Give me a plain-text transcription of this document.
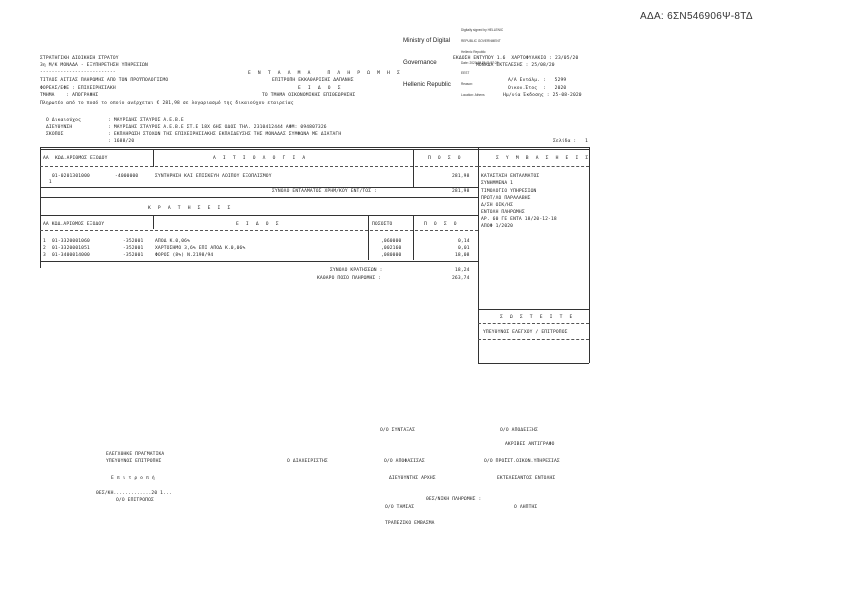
ΑΔΑ: 6ΣΝ546906Ψ-8ΤΔ

Ministry of Digital

Governance

Hellenic Republic

Digitally signed by HELLENIC

REPUBLIC GOVERNMENT

Hellenic Republic

Date: 2020.08.25 11:57:28

EEST

Reason:

Location: Athens

ΣΤΡΑΤΗΓΙΚΗ ΔΙΟΙΚΗΣΗ ΣΤΡΑΤΟΥ
3η Μ/Κ ΜΟΝΑΔΑ - ΕΞΥΠΗΡΕΤΗΣΗ ΥΠΗΡΕΣΙΩΝ
--------------------------
ΕΚΔΟΣΗ ΕΝΤΥΠΟΥ 1.6  ΧΑΡΤΟΦΥΛΑΚΙΟ : 23/05/20
ΜΟΝΑΔΑ ΕΚΤΕΛΕΣΗΣ : 25/08/20
Ε Ν Τ Α Λ Μ Α   Π Λ Η Ρ Ω Μ Η Σ
ΤΙΤΛΟΣ ΑΙΤΙΑΣ ΠΛΗΡΩΜΗΣ ΑΠΟ ΤΟΝ ΠΡΟΫΠΟΛΟΓΙΣΜΟ	ΕΠΙΤΡΟΠΗ ΕΚΚΑΘΑΡΙΣΗΣ ΔΑΠΑΝΗΣ
ΦΟΡΕΑΣ/ΕΦΕ : ΕΠΙΧΕΙΡΗΣΙΑΚΗ	Ε Ι Δ Ο Σ
ΤΜΗΜΑ    : ΑΠΟΓΡΑΦΗΣ	ΤΟ ΤΜΗΜΑ ΟΙΚΟΝΟΜΙΚΗΣ ΕΠΙΘΕΩΡΗΣΗΣ
Α/Α Εντάλμ. :   5299
Οικον.Έτος  :   2020
Ημ/νία Έκδοσης : 25-08-2020
Πληρωτέο από το ποσό το οποίο ανέρχεται € 281,98 σε λογαριασμό της δικαιούχου εταιρείας
Ο Δικαιούχος	: ΜΑΥΡΙΔΗΣ ΣΤΑΥΡΟΣ Α.Ε.Β.Ε
ΔΙΕΥΘΥΝΣΗ	: ΜΑΥΡΙΔΗΣ ΣΤΑΥΡΟΣ Α.Ε.Β.Ε ΣΤ.Ε 18Χ 6ΗΣ ΟΔΟΣ ΤΗΛ. 2310412444 ΑΦΜ: 094807326
ΣΚΟΠΟΣ	: ΕΚΠΛΗΡΩΣΗ ΣΤΟΧΩΝ ΤΗΣ ΕΠΙΧΕΙΡΗΣΙΑΚΗΣ ΕΚΠΑΙΔΕΥΣΗΣ ΤΗΣ ΜΟΝΑΔΑΣ ΣΥΜΦΩΝΑ ΜΕ ΔΙΑΤΑΓΗ
: 1688/20	Σελίδα :   1
ΑΑ ΚΩΔ.ΑΡΙΘΜΟΣ ΕΞΟΔΟΥ	Α Ι Τ Ι Ο Λ Ο Γ Ι Α	Π Ο Σ Ο	Σ Υ Μ Β Α Σ Η Ε Ι Σ

1

01-0201301000	-4000000	ΣΥΝΤΗΡΗΣΗ ΚΑΙ ΕΠΙΣΚΕΥΗ ΛΟΙΠΟΥ ΕΞΟΠΛΙΣΜΟΥ	281,98
ΣΥΝΟΛΟ ΕΝΤΑΛΜΑΤΟΣ ΧΡΗΜ/ΚΟΥ ΕΝΤ/ΤΟΣ :	281,98
ΚΑΤΑΣΤΑΣΗ ΕΝΤΑΛΜΑΤΟΣ
ΣΥΝΗΜΜΕΝΑ 1
ΤΙΜΟΛΟΓΙΟ ΥΠΗΡΕΣΙΩΝ
ΠΡΩΤ/ΛΟ ΠΑΡΑΛΑΒΗΣ
Δ/ΣΗ ΟΙΚ/ΗΣ
ΕΝΤΟΛΗ ΠΛΗΡΩΜΗΣ
ΑΡ. 60 ΓΕ ΕΝΤΑ 18/20-12-18
ΑΠΟΦ 1/2020
Κ Ρ Α Τ Η Σ Ε Ι Σ
ΑΑ ΚΩΔ.ΑΡΙΘΜΟΣ ΕΞΟΔΟΥ	Ε Ι Δ Ο Σ	ΠΟΣΟΣΤΟ	Π Ο Σ Ο
1 01-3320001060	-352001	ΑΠΟΔ Κ.0,06%	,060000	0,14
2 01-3320001051	-352001	ΧΑΡΤΟΣΗΜΟ 3,6% ΕΠΙ ΑΠΟΔ Κ.0,06%	,002160	0,01
3 01-3400014000	-352001	ΦΟΡΟΣ (8%) Ν.2198/94	,080000	18,08
ΣΥΝΟΛΟ ΚΡΑΤΗΣΕΩΝ :	18,24
ΚΑΘΑΡΟ ΠΟΣΟ ΠΛΗΡΩΜΗΣ :	263,74
Σ Ω Σ Τ Ε Ι Τ Ε
ΥΠΕΥΘΥΝΟΣ ΕΛΕΓΧΟΥ / ΕΠΙΤΡΟΠΟΣ
Ο/Ο ΣΥΝΤΑΞΑΣ	Ο/Ο ΑΠΟΔΕΙΞΗΣ
ΑΚΡΙΒΕΣ ΑΝΤΙΓΡΑΦΟ
ΕΛΕΓΧΘΗΚΕ ΠΡΑΓΜΑΤΙΚΑ
ΥΠΕΥΘΥΝΟΣ ΕΠΙΤΡΟΠΗΣ	Ο ΔΙΑΧΕΙΡΙΣΤΗΣ	Ο/Ο ΑΠΟΦΑΣΙΣΑΣ	Ο/Ο ΠΡΟΪΣΤ.ΟΙΚΟΝ.ΥΠΗΡΕΣΙΑΣ
Ε π ι τ ρ ο π ή	ΔΙΕΥΘΥΝΤΗΣ ΑΡΧΗΣ	ΕΚΤΕΛΕΣΑΝΤΟΣ ΕΝΤΟΛΗΣ
ΘΕΣ/ΚΗ.............20 1...
ΘΕΣ/ΝΙΚΗ ΠΛΗΡΩΜΗΣ :
Ο/Ο ΕΠΙΤΡΟΠΟΣ
Ο/Ο ΤΑΜΙΑΣ	Ο ΛΗΠΤΗΣ
ΤΡΑΠΕΖΙΚΟ ΕΜΒΑΣΜΑ
